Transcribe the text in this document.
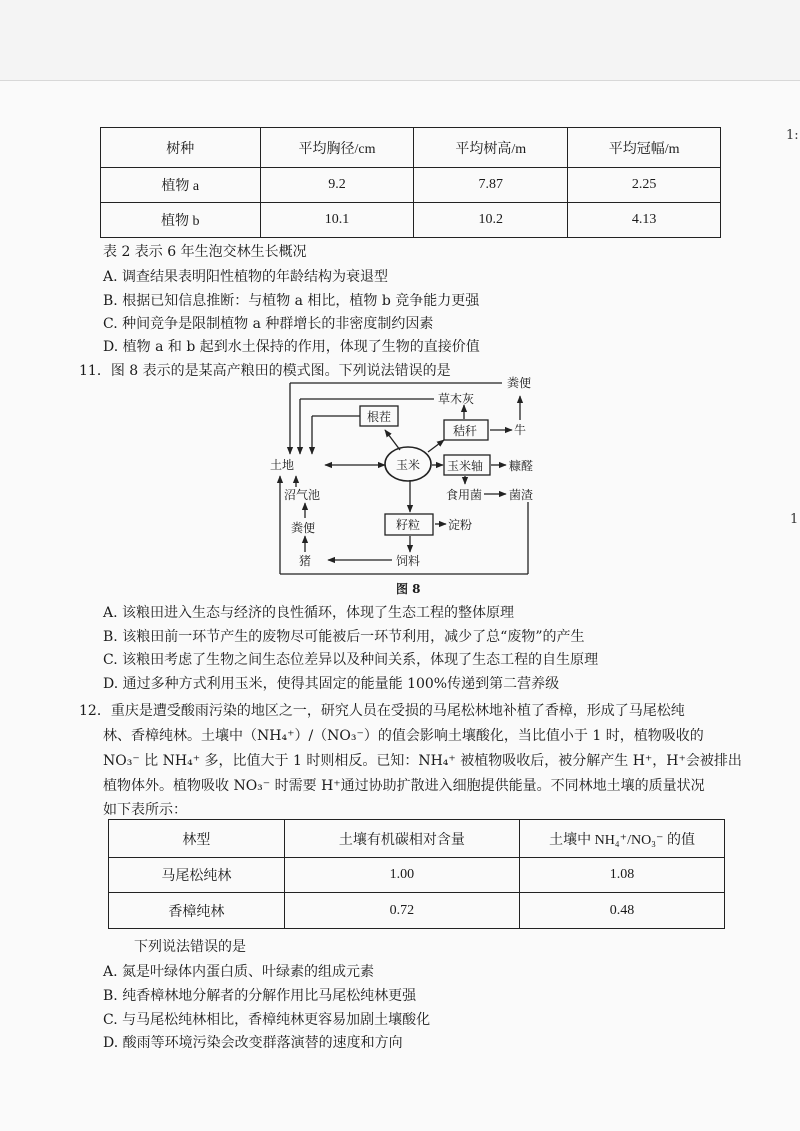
1:
1
树种	平均胸径/cm	平均树高/m	平均冠幅/m
植物 a	9.2	7.87	2.25
植物 b	10.1	10.2	4.13
表 2 表示 6 年生泡交林生长概况
A. 调查结果表明阳性植物的年龄结构为衰退型
B. 根据已知信息推断：与植物 a 相比，植物 b 竞争能力更强
C. 种间竞争是限制植物 a 种群增长的非密度制约因素
D. 植物 a 和 b 起到水土保持的作用，体现了生物的直接价值
11．图 8 表示的是某高产粮田的模式图。下列说法错误的是
粪便
草木灰
根茬
秸秆	牛
土地	玉米 玉米轴 糠醛
食用菌 菌渣
沼气池
粪便
猪
籽粒 淀粉
饲料
图 8
A. 该粮田进入生态与经济的良性循环，体现了生态工程的整体原理
B. 该粮田前一环节产生的废物尽可能被后一环节利用，减少了总“废物”的产生
C. 该粮田考虑了生物之间生态位差异以及种间关系，体现了生态工程的自生原理
D. 通过多种方式利用玉米，使得其固定的能量能 100%传递到第二营养级
12．重庆是遭受酸雨污染的地区之一，研究人员在受损的马尾松林地补植了香樟，形成了马尾松纯
林、香樟纯林。土壤中（NH₄⁺）/（NO₃⁻）的值会影响土壤酸化，当比值小于 1 时，植物吸收的
NO₃⁻ 比 NH₄⁺ 多，比值大于 1 时则相反。已知：NH₄⁺ 被植物吸收后，被分解产生 H⁺，H⁺会被排出
植物体外。植物吸收 NO₃⁻ 时需要 H⁺通过协助扩散进入细胞提供能量。不同林地土壤的质量状况
如下表所示：
林型	土壤有机碳相对含量	土壤中 NH₄⁺/NO₃⁻ 的值
马尾松纯林	1.00	1.08
香樟纯林	0.72	0.48
下列说法错误的是
A. 氮是叶绿体内蛋白质、叶绿素的组成元素
B. 纯香樟林地分解者的分解作用比马尾松纯林更强
C. 与马尾松纯林相比，香樟纯林更容易加剧土壤酸化
D. 酸雨等环境污染会改变群落演替的速度和方向
